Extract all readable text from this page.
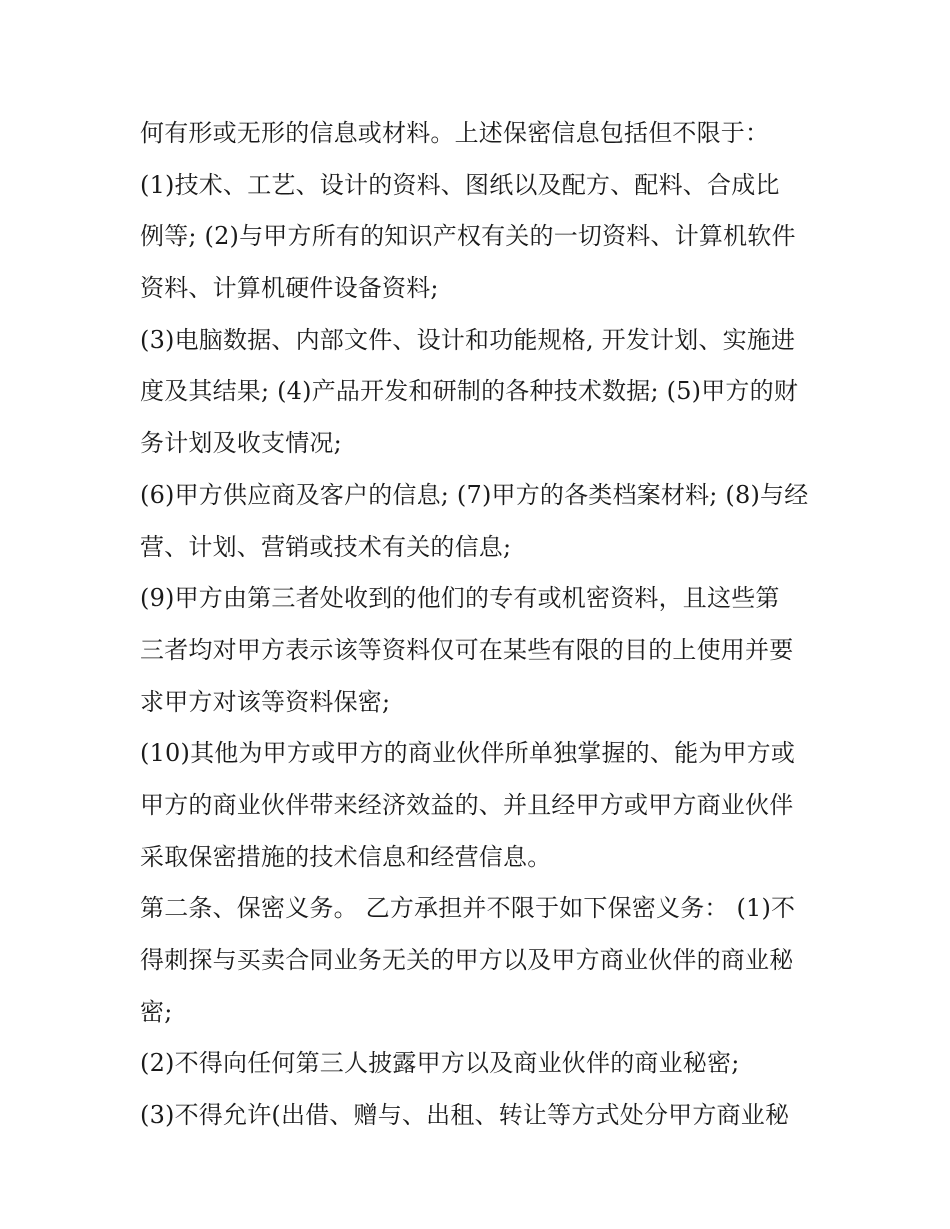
何有形或无形的信息或材料。上述保密信息包括但不限于：
(1)技术、工艺、设计的资料、图纸以及配方、配料、合成比
例等; (2)与甲方所有的知识产权有关的一切资料、计算机软件
资料、计算机硬件设备资料;
(3)电脑数据、内部文件、设计和功能规格, 开发计划、实施进
度及其结果; (4)产品开发和研制的各种技术数据; (5)甲方的财
务计划及收支情况;
(6)甲方供应商及客户的信息; (7)甲方的各类档案材料; (8)与经
营、计划、营销或技术有关的信息;
(9)甲方由第三者处收到的他们的专有或机密资料，且这些第
三者均对甲方表示该等资料仅可在某些有限的目的上使用并要
求甲方对该等资料保密;
(10)其他为甲方或甲方的商业伙伴所单独掌握的、能为甲方或
甲方的商业伙伴带来经济效益的、并且经甲方或甲方商业伙伴
采取保密措施的技术信息和经营信息。
第二条、保密义务。 乙方承担并不限于如下保密义务： (1)不
得刺探与买卖合同业务无关的甲方以及甲方商业伙伴的商业秘
密;
(2)不得向任何第三人披露甲方以及商业伙伴的商业秘密;
(3)不得允许(出借、赠与、出租、转让等方式处分甲方商业秘
